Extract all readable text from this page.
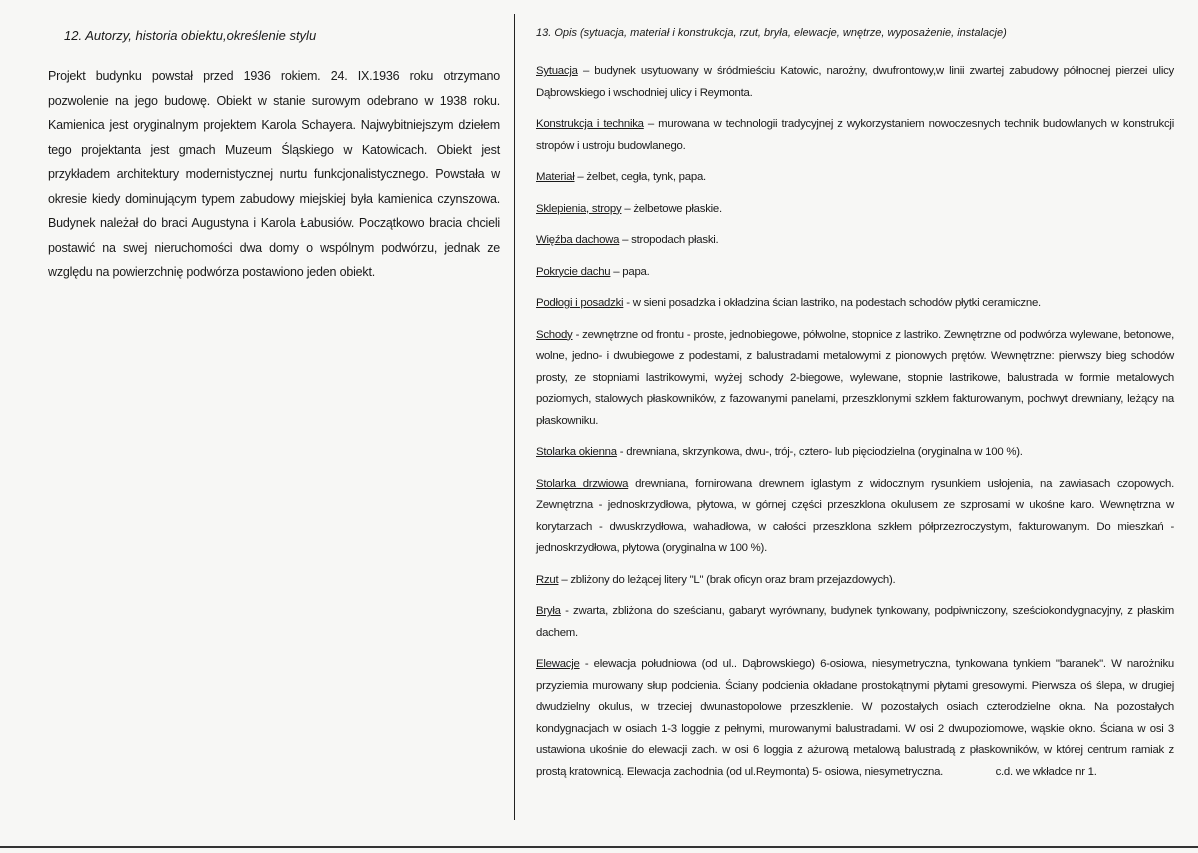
12. Autorzy, historia obiektu,określenie stylu
Projekt budynku powstał przed 1936 rokiem. 24. IX.1936 roku otrzymano pozwolenie na jego budowę. Obiekt w stanie surowym odebrano w 1938 roku. Kamienica jest oryginalnym projektem Karola Schayera. Najwybitniejszym dziełem tego projektanta jest gmach Muzeum Śląskiego w Katowicach. Obiekt jest przykładem architektury modernistycznej nurtu funkcjonalistycznego. Powstała w okresie kiedy dominującym typem zabudowy miejskiej była kamienica czynszowa. Budynek należał do braci Augustyna i Karola Łabusiów. Początkowo bracia chcieli postawić na swej nieruchomości dwa domy o wspólnym podwórzu, jednak ze względu na powierzchnię podwórza postawiono jeden obiekt.
13. Opis (sytuacja, materiał i konstrukcja, rzut, bryła, elewacje, wnętrze, wyposażenie, instalacje)
Sytuacja – budynek usytuowany w śródmieściu Katowic, narożny, dwufrontowy,w linii zwartej zabudowy północnej pierzei ulicy Dąbrowskiego i wschodniej ulicy i Reymonta.
Konstrukcja i technika – murowana w technologii tradycyjnej z wykorzystaniem nowoczesnych technik budowlanych w konstrukcji stropów i ustroju budowlanego.
Materiał – żelbet, cegła, tynk, papa.
Sklepienia, stropy – żelbetowe płaskie.
Więźba dachowa – stropodach płaski.
Pokrycie dachu – papa.
Podłogi i posadzki - w sieni posadzka i okładzina ścian lastriko, na podestach schodów płytki ceramiczne.
Schody - zewnętrzne od frontu - proste, jednobiegowe, półwolne, stopnice z lastriko. Zewnętrzne od podwórza wylewane, betonowe, wolne, jedno- i dwubiegowe z podestami, z balustradami metalowymi z pionowych prętów. Wewnętrzne: pierwszy bieg schodów prosty, ze stopniami lastrikowymi, wyżej schody 2-biegowe, wylewane, stopnie lastrikowe, balustrada w formie metalowych poziomych, stalowych płaskowników, z fazowanymi panelami, przeszklonymi szkłem fakturowanym, pochwyt drewniany, leżący na płaskowniku.
Stolarka okienna - drewniana, skrzynkowa, dwu-, trój-, cztero- lub pięciodzielna (oryginalna w 100 %).
Stolarka drzwiowa drewniana, fornirowana drewnem iglastym z widocznym rysunkiem usłojenia, na zawiasach czopowych. Zewnętrzna - jednoskrzydłowa, płytowa, w górnej części przeszklona okulusem ze szprosami w ukośne karo. Wewnętrzna w korytarzach - dwuskrzydłowa, wahadłowa, w całości przeszklona szkłem półprzezroczystym, fakturowanym. Do mieszkań - jednoskrzydłowa, płytowa (oryginalna w 100 %).
Rzut – zbliżony do leżącej litery "L" (brak oficyn oraz bram przejazdowych).
Bryła - zwarta, zbliżona do sześcianu, gabaryt wyrównany, budynek tynkowany, podpiwniczony, sześciokondygnacyjny, z płaskim dachem.
Elewacje - elewacja południowa (od ul.. Dąbrowskiego) 6-osiowa, niesymetryczna, tynkowana tynkiem "baranek". W narożniku przyziemia murowany słup podcienia. Ściany podcienia okładane prostokątnymi płytami gresowymi. Pierwsza oś ślepa, w drugiej dwudzielny okulus, w trzeciej dwunastopolowe przeszklenie. W pozostałych osiach czterodzielne okna. Na pozostałych kondygnacjach w osiach 1-3 loggie z pełnymi, murowanymi balustradami. W osi 2 dwupoziomowe, wąskie okno. Ściana w osi 3 ustawiona ukośnie do elewacji zach. w osi 6 loggia z ażurową metalową balustradą z płaskowników, w której centrum ramiak z prostą kratownicą. Elewacja zachodnia (od ul.Reymonta) 5- osiowa, niesymetryczna.	c.d. we wkładce nr 1.
